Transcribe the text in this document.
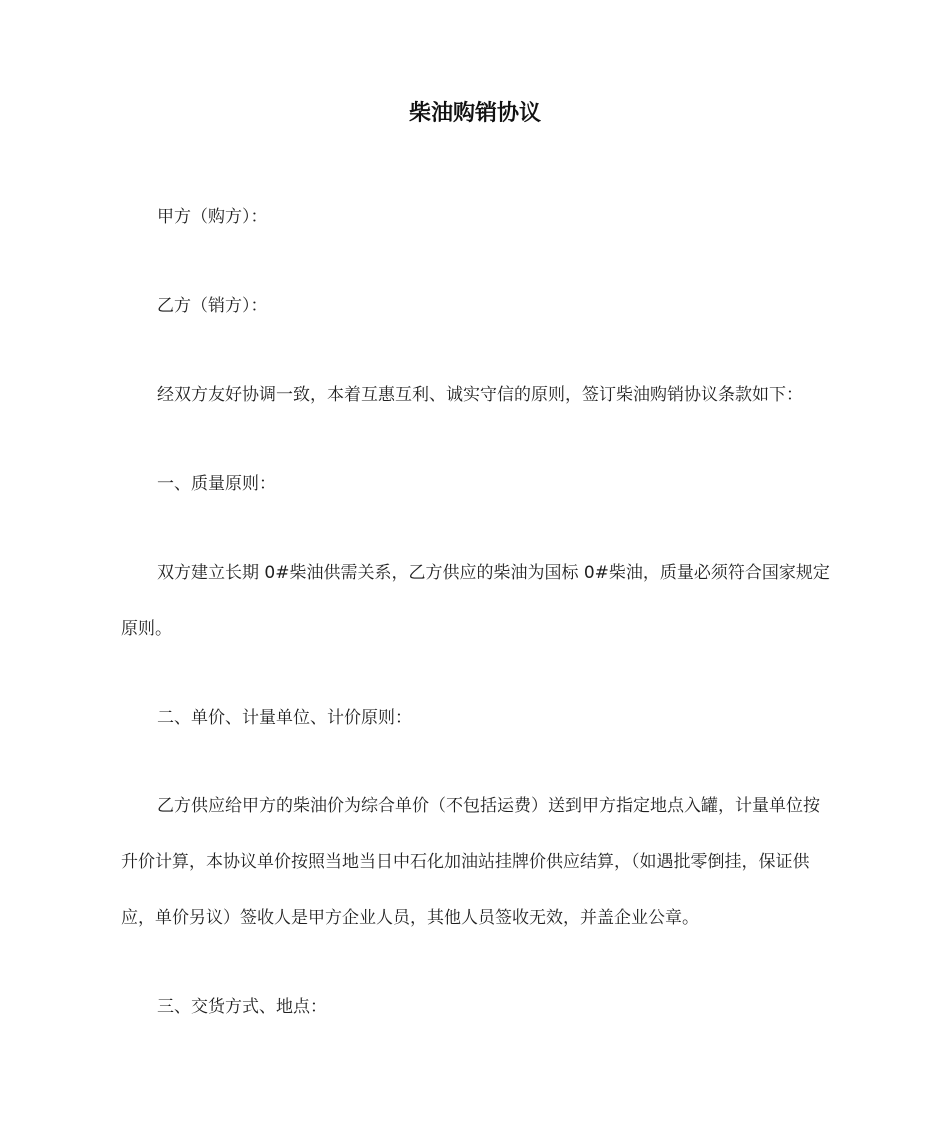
柴油购销协议
甲方（购方）：
乙方（销方）：
经双方友好协调一致，本着互惠互利、诚实守信的原则，签订柴油购销协议条款如下：
一、质量原则：
双方建立长期 0#柴油供需关系，乙方供应的柴油为国标 0#柴油，质量必须符合国家规定原则。
二、单价、计量单位、计价原则：
乙方供应给甲方的柴油价为综合单价（不包括运费）送到甲方指定地点入罐，计量单位按升价计算，本协议单价按照当地当日中石化加油站挂牌价供应结算，（如遇批零倒挂，保证供应，单价另议）签收人是甲方企业人员，其他人员签收无效，并盖企业公章。
三、交货方式、地点：
